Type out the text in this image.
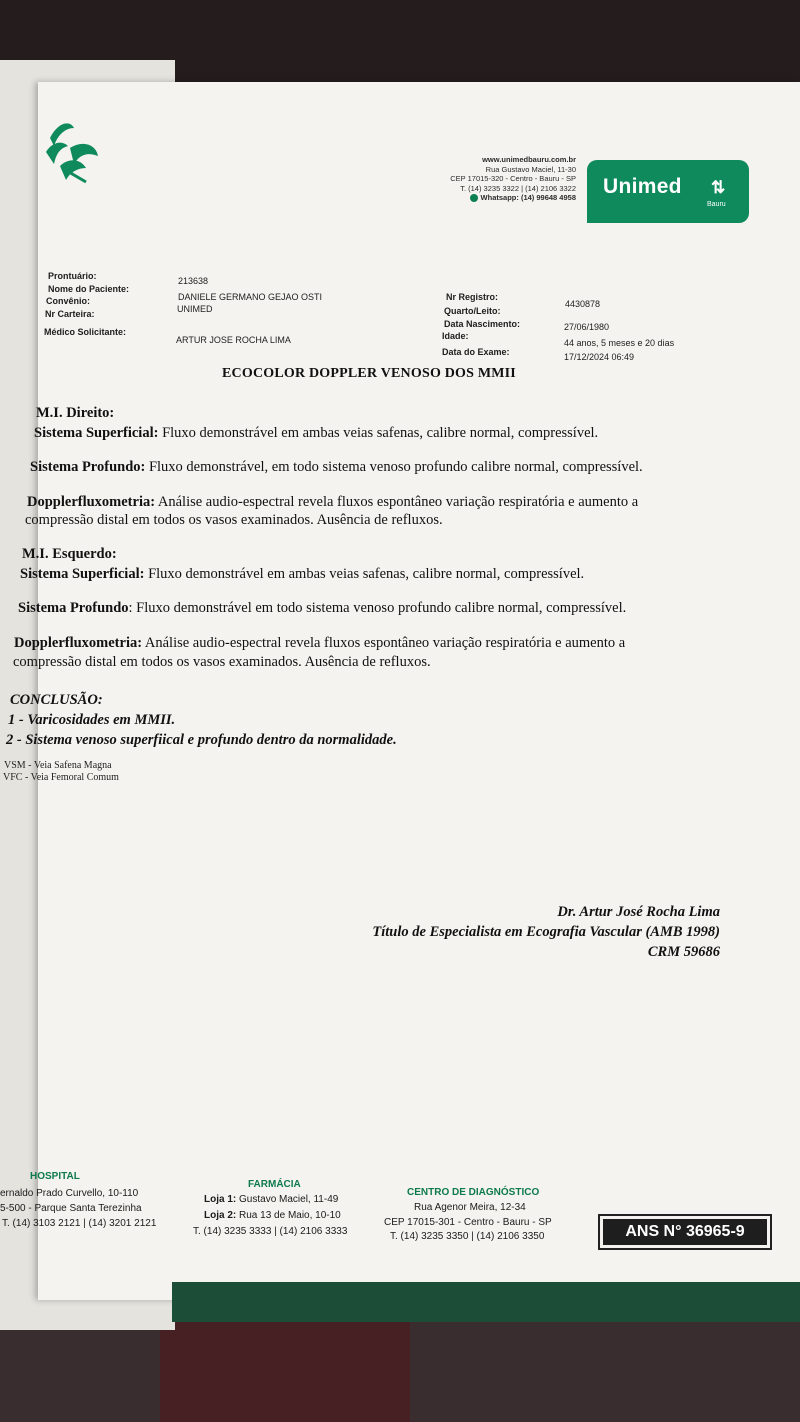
www.unimedbauru.com.br
Rua Gustavo Maciel, 11-30
CEP 17015-320 - Centro - Bauru - SP
T. (14) 3235 3322 | (14) 2106 3322
Whatsapp: (14) 99648 4958 Unimed ⇅
Bauru
Prontuário:	213638
Nome do Paciente:
DANIELE GERMANO GEJAO OSTI
Convênio:
UNIMED
Nr Carteira:
Médico Solicitante:
ARTUR JOSE ROCHA LIMA
Nr Registro:
4430878
Quarto/Leito:
Data Nascimento:	27/06/1980
Idade:
44 anos, 5 meses e 20 dias
Data do Exame:	17/12/2024 06:49
ECOCOLOR DOPPLER VENOSO DOS MMII
M.I. Direito:
Sistema Superficial: Fluxo demonstrável em ambas veias safenas, calibre normal, compressível.
Sistema Profundo: Fluxo demonstrável, em todo sistema venoso profundo calibre normal, compressível.
Dopplerfluxometria: Análise audio-espectral revela fluxos espontâneo variação respiratória e aumento a
compressão distal em todos os vasos examinados. Ausência de refluxos.
M.I. Esquerdo:
Sistema Superficial: Fluxo demonstrável em ambas veias safenas, calibre normal, compressível.
Sistema Profundo: Fluxo demonstrável em todo sistema venoso profundo calibre normal, compressível.
Dopplerfluxometria: Análise audio-espectral revela fluxos espontâneo variação respiratória e aumento a
compressão distal em todos os vasos examinados. Ausência de refluxos.
CONCLUSÃO:
1 - Varicosidades em MMII.
2 - Sistema venoso superfiical e profundo dentro da normalidade.
VSM - Veia Safena Magna
VFC - Veia Femoral Comum
Dr. Artur José Rocha Lima
Título de Especialista em Ecografia Vascular (AMB 1998)
CRM 59686
HOSPITAL
ernaldo Prado Curvello, 10-110
5-500 - Parque Santa Terezinha
T. (14) 3103 2121 | (14) 3201 2121
FARMÁCIA
Loja 1: Gustavo Maciel, 11-49
Loja 2: Rua 13 de Maio, 10-10
T. (14) 3235 3333 | (14) 2106 3333
CENTRO DE DIAGNÓSTICO
Rua Agenor Meira, 12-34
CEP 17015-301 - Centro - Bauru - SP
T. (14) 3235 3350 | (14) 2106 3350	ANS N° 36965-9
